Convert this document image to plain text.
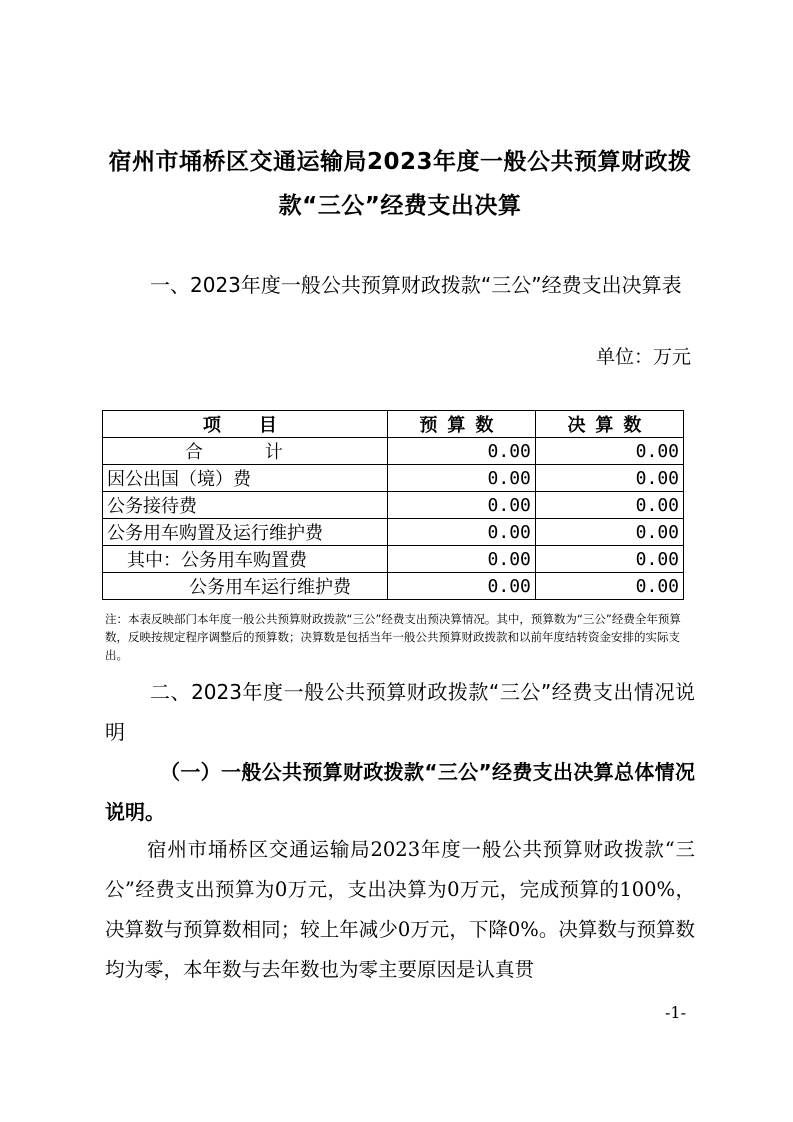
宿州市埇桥区交通运输局2023年度一般公共预算财政拨款“三公”经费支出决算
一、2023年度一般公共预算财政拨款“三公”经费支出决算表
单位：万元
项　目	预算数	决算数
合　计	0.00	0.00
因公出国（境）费	0.00	0.00
公务接待费	0.00	0.00
公务用车购置及运行维护费	0.00	0.00
其中：公务用车购置费	0.00	0.00
公务用车运行维护费	0.00	0.00
注：本表反映部门本年度一般公共预算财政拨款“三公”经费支出预决算情况。其中，预算数为“三公”经费全年预算数，反映按规定程序调整后的预算数；决算数是包括当年一般公共预算财政拨款和以前年度结转资金安排的实际支出。
二、2023年度一般公共预算财政拨款“三公”经费支出情况说明
（一）一般公共预算财政拨款“三公”经费支出决算总体情况说明。
宿州市埇桥区交通运输局2023年度一般公共预算财政拨款“三公”经费支出预算为0万元，支出决算为0万元，完成预算的100%，决算数与预算数相同；较上年减少0万元，下降0%。决算数与预算数均为零，本年数与去年数也为零主要原因是认真贯
-1-
